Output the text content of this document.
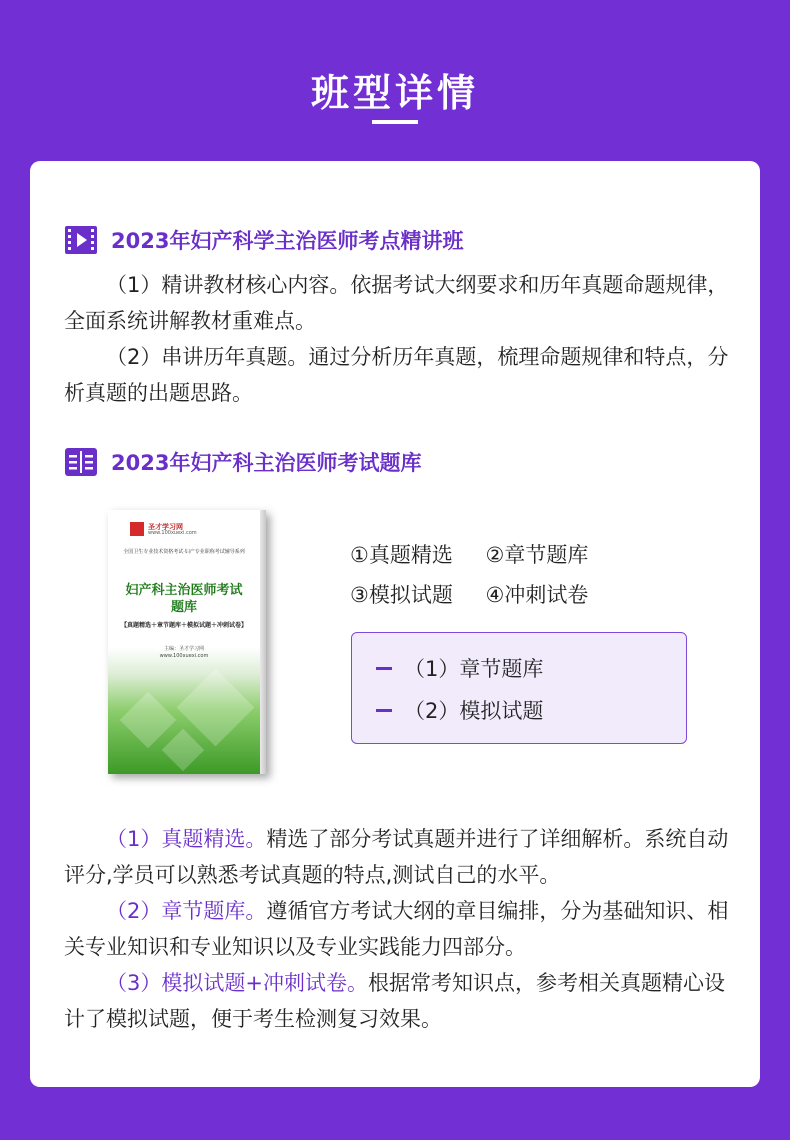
班型详情
2023年妇产科学主治医师考点精讲班

（1）精讲教材核心内容。依据考试大纲要求和历年真题命题规律，全面系统讲解教材重难点。

（2）串讲历年真题。通过分析历年真题，梳理命题规律和特点，分析真题的出题思路。

2023年妇产科主治医师考试题库
圣才学习网
www.100xuexi.com
全国卫生专业技术资格考试·妇产专业职称考试辅导系列
妇产科主治医师考试
题库
【真题精选＋章节题库＋模拟试题＋冲刺试卷】
主编：圣才学习网
www.100xuexi.com
①真题精选 ②章节题库
③模拟试题 ④冲刺试卷
（1）章节题库
（2）模拟试题

（1）真题精选。精选了部分考试真题并进行了详细解析。系统自动评分,学员可以熟悉考试真题的特点,测试自己的水平。

（2）章节题库。遵循官方考试大纲的章目编排，分为基础知识、相关专业知识和专业知识以及专业实践能力四部分。

（3）模拟试题+冲刺试卷。根据常考知识点，参考相关真题精心设计了模拟试题，便于考生检测复习效果。
